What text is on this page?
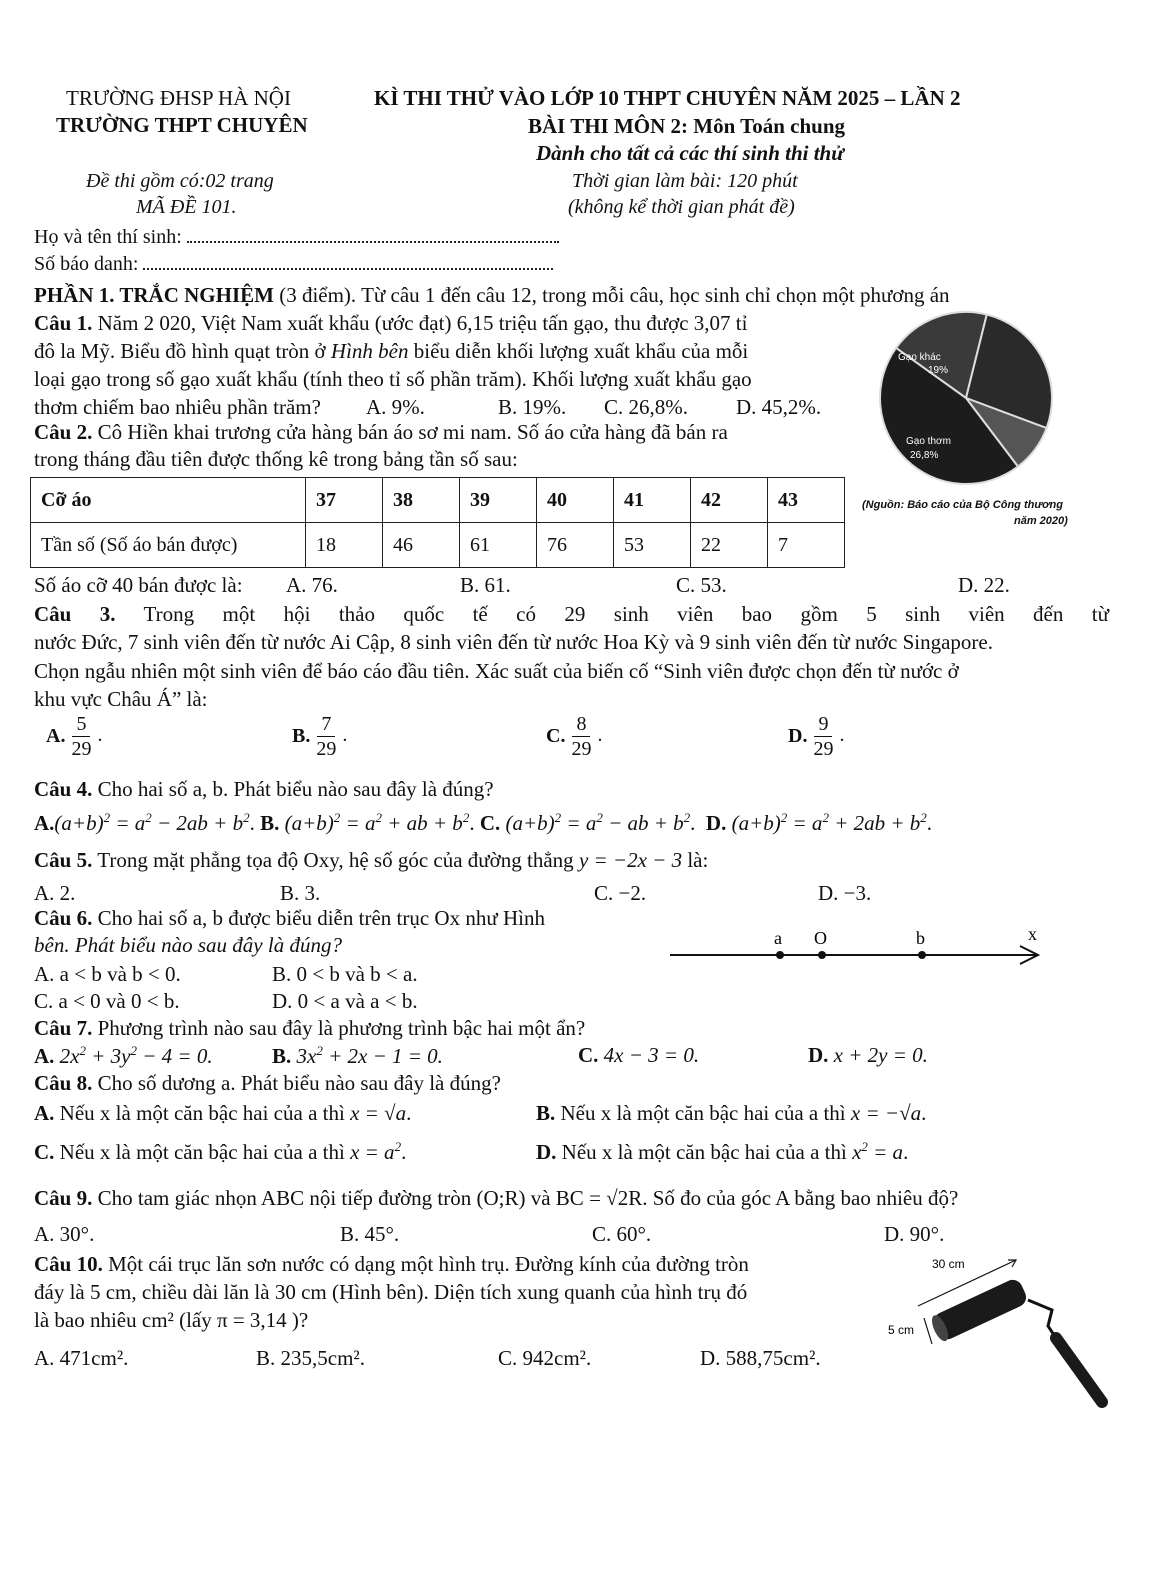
TRƯỜNG ĐHSP HÀ NỘI
TRƯỜNG THPT CHUYÊN
KÌ THI THỬ VÀO LỚP 10 THPT CHUYÊN NĂM 2025 – LẦN 2
BÀI THI MÔN 2: Môn Toán chung
Dành cho tất cả các thí sinh thi thử
Đề thi gồm có:02 trang
MÃ ĐỀ 101.
Thời gian làm bài: 120 phút
(không kể thời gian phát đề)
Họ và tên thí sinh:
Số báo danh:
PHẦN 1. TRẮC NGHIỆM (3 điểm). Từ câu 1 đến câu 12, trong mỗi câu, học sinh chỉ chọn một phương án
Câu 1. Năm 2 020, Việt Nam xuất khẩu (ước đạt) 6,15 triệu tấn gạo, thu được 3,07 tỉ
đô la Mỹ. Biểu đồ hình quạt tròn ở Hình bên biểu diễn khối lượng xuất khẩu của mỗi
loại gạo trong số gạo xuất khẩu (tính theo tỉ số phần trăm). Khối lượng xuất khẩu gạo
thơm chiếm bao nhiêu phần trăm? A. 9%.	B. 19%. C. 26,8%. D. 45,2%.
Gạo khác
19%
Gạo thơm
26,8%
(Nguồn: Báo cáo của Bộ Công thương
năm 2020)
Câu 2. Cô Hiền khai trương cửa hàng bán áo sơ mi nam. Số áo cửa hàng đã bán ra
trong tháng đầu tiên được thống kê trong bảng tần số sau:
Cỡ áo	37	38	39	40	41	42	43
Tần số (Số áo bán được)	18	46	61	76	53	22	7
Số áo cỡ 40 bán được là: A. 76.	B. 61.	C. 53.	D. 22.
Câu 3. Trong một hội thảo quốc tế có 29 sinh viên bao gồm 5 sinh viên đến từ
nước Đức, 7 sinh viên đến từ nước Ai Cập, 8 sinh viên đến từ nước Hoa Kỳ và 9 sinh viên đến từ nước Singapore.
Chọn ngẫu nhiên một sinh viên để báo cáo đầu tiên. Xác suất của biến cố “Sinh viên được chọn đến từ nước ở
khu vực Châu Á” là:
A. $\frac{5}{29}$ .	B. $\frac{7}{29}$ .	C. $\frac{8}{29}$ .	D. $\frac{9}{29}$ .
Câu 4. Cho hai số a, b. Phát biểu nào sau đây là đúng?
$A.(a+b)^2 = a^2 - 2ab + b^2$. B. $(a+b)^2 = a^2$ + ab + $b^2$. C. $(a+b)^2 = a^2$ − ab + $b^2$.  D. $(a+b)^2 = a^2 + 2ab + b^2$.
Câu 5. Trong mặt phẳng tọa độ Oxy, hệ số góc của đường thẳng y = −2x − 3 là:
A. 2.	B. 3.	C. −2.	D. −3.
Câu 6. Cho hai số a, b được biểu diễn trên trục Ox như Hình
bên. Phát biểu nào sau đây là đúng?	a O	b	x
A. a < b và b < 0.	B. 0 < b và b < a.
C. a < 0 và 0 < b.	D. 0 < a và a < b.
Câu 7. Phương trình nào sau đây là phương trình bậc hai một ẩn?
A. $2x^2 + 3y^2 - 4 = 0$.	B. $3x^2 + 2x - 1 = 0$.	C. 4x − 3 = 0.	D. x + 2y = 0.
Câu 8. Cho số dương a. Phát biểu nào sau đây là đúng?
A. Nếu x là một căn bậc hai của a thì x = √a.	B. Nếu x là một căn bậc hai của a thì x = −√a.
C. Nếu x là một căn bậc hai của a thì $x = a^2$.	D. Nếu x là một căn bậc hai của a thì $x^2 = a$.
Câu 9. Cho tam giác nhọn ABC nội tiếp đường tròn (O;R) và BC = √2R. Số đo của góc A bằng bao nhiêu độ?
A. 30°.	B. 45°.	C. 60°.	D. 90°.
Câu 10. Một cái trục lăn sơn nước có dạng một hình trụ. Đường kính của đường tròn
đáy là 5 cm, chiều dài lăn là 30 cm (Hình bên). Diện tích xung quanh của hình trụ đó
là bao nhiêu cm² (lấy π = 3,14 )?
A. 471cm².	B. 235,5cm².	C. 942cm².	D. 588,75cm².
30 cm
5 cm
